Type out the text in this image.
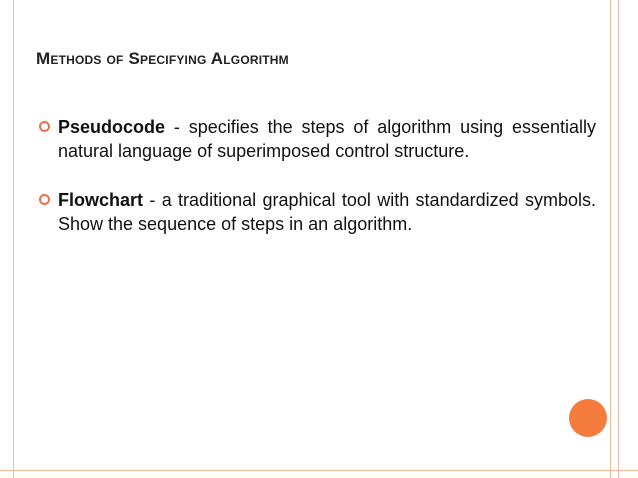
Methods of Specifying Algorithm

Pseudocode - specifies the steps of algorithm using essentially natural language of superimposed control structure.

Flowchart - a traditional graphical tool with standardized symbols. Show the sequence of steps in an algorithm.
